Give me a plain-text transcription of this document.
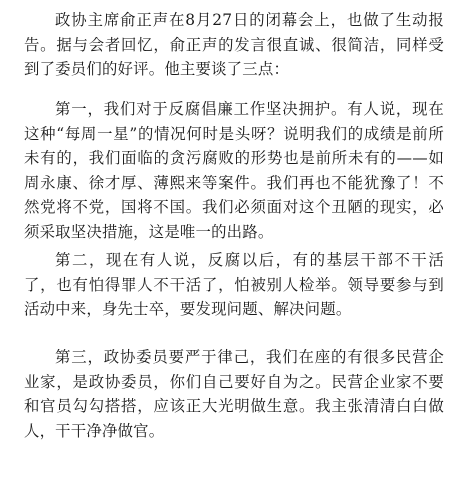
政协主席俞正声在8月27日的闭幕会上，也做了生动报告。据与会者回忆，俞正声的发言很直诚、很简洁，同样受到了委员们的好评。他主要谈了三点：

第一，我们对于反腐倡廉工作坚决拥护。有人说，现在这种“每周一星”的情况何时是头呀？说明我们的成绩是前所未有的，我们面临的贪污腐败的形势也是前所未有的——如周永康、徐才厚、薄熙来等案件。我们再也不能犹豫了！不然党将不党，国将不国。我们必须面对这个丑陋的现实，必须采取坚决措施，这是唯一的出路。

第二，现在有人说，反腐以后，有的基层干部不干活了，也有怕得罪人不干活了，怕被别人检举。领导要参与到活动中来，身先士卒，要发现问题、解决问题。

第三，政协委员要严于律己，我们在座的有很多民营企业家，是政协委员，你们自己要好自为之。民营企业家不要和官员勾勾搭搭，应该正大光明做生意。我主张清清白白做人，干干净净做官。
